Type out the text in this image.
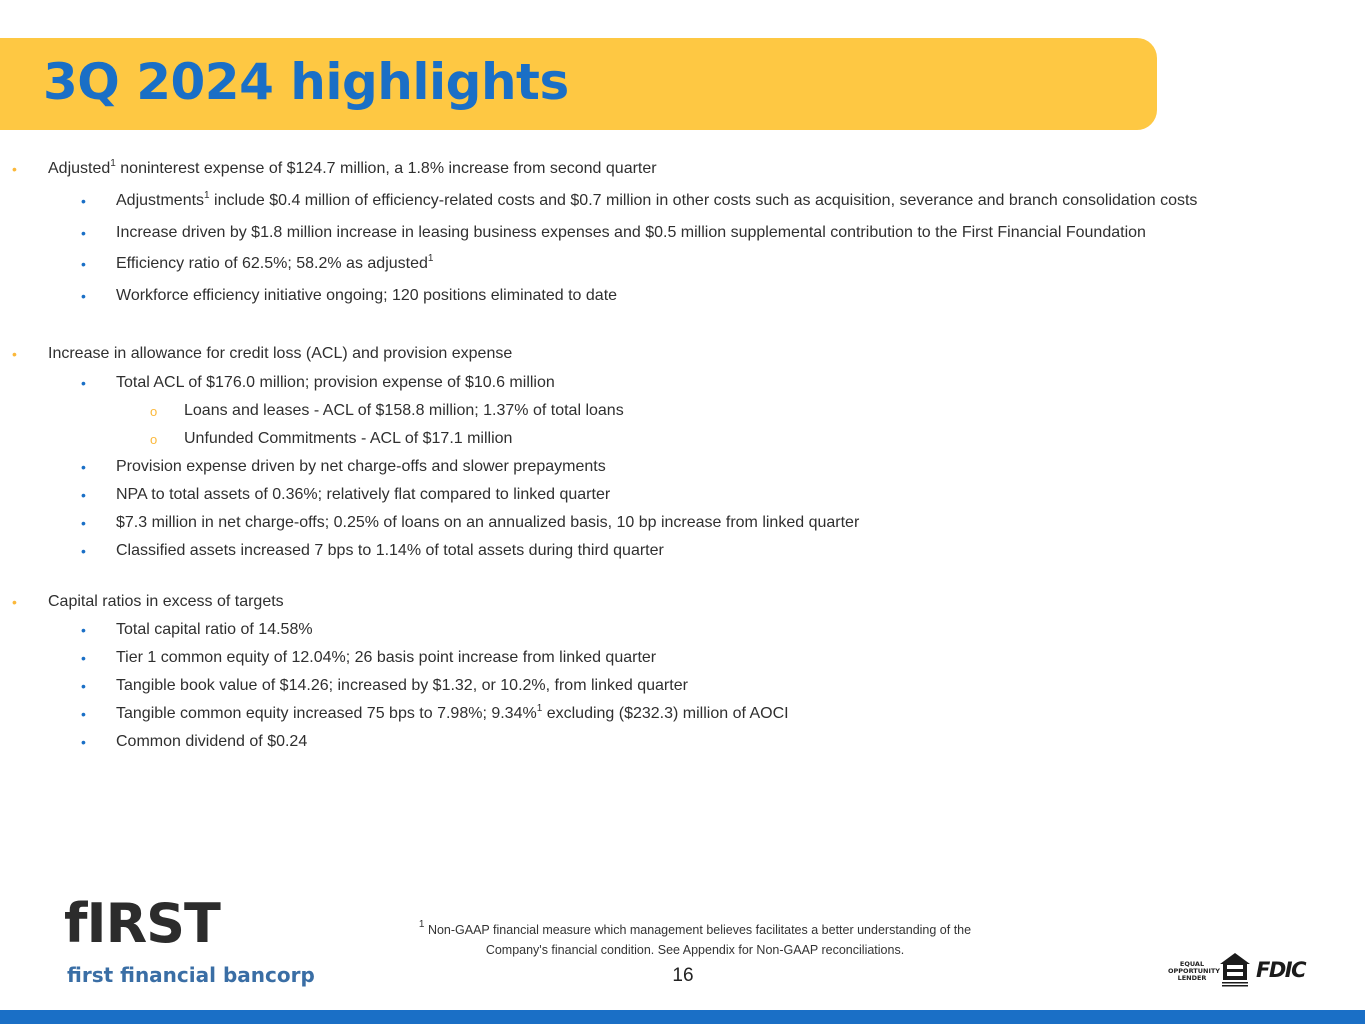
3Q 2024 highlights
• Adjusted$^1$ noninterest expense of $124.7 million, a 1.8% increase from second quarter
• Adjustments$^1$ include $0.4 million of efficiency-related costs and $0.7 million in other costs such as acquisition, severance and branch consolidation costs
• Increase driven by $1.8 million increase in leasing business expenses and $0.5 million supplemental contribution to the First Financial Foundation
• Efficiency ratio of 62.5%; 58.2% as adjusted$^1$
• Workforce efficiency initiative ongoing; 120 positions eliminated to date
• Increase in allowance for credit loss (ACL) and provision expense
• Total ACL of $176.0 million; provision expense of $10.6 million
o Loans and leases - ACL of $158.8 million; 1.37% of total loans
o Unfunded Commitments - ACL of $17.1 million
• Provision expense driven by net charge-offs and slower prepayments
• NPA to total assets of 0.36%; relatively flat compared to linked quarter
• $7.3 million in net charge-offs; 0.25% of loans on an annualized basis, 10 bp increase from linked quarter
• Classified assets increased 7 bps to 1.14% of total assets during third quarter
• Capital ratios in excess of targets
• Total capital ratio of 14.58%
• Tier 1 common equity of 12.04%; 26 basis point increase from linked quarter
• Tangible book value of $14.26; increased by $1.32, or 10.2%, from linked quarter
• Tangible common equity increased 75 bps to 7.98%; 9.34%$^1$ excluding ($232.3) million of AOCI
• Common dividend of $0.24
fIRST
first financial bancorp
$^1$ Non-GAAP financial measure which management believes facilitates a better understanding of the
Company's financial condition. See Appendix for Non-GAAP reconciliations.
16
EQUAL OPPORTUNITY LENDER	FDIC
